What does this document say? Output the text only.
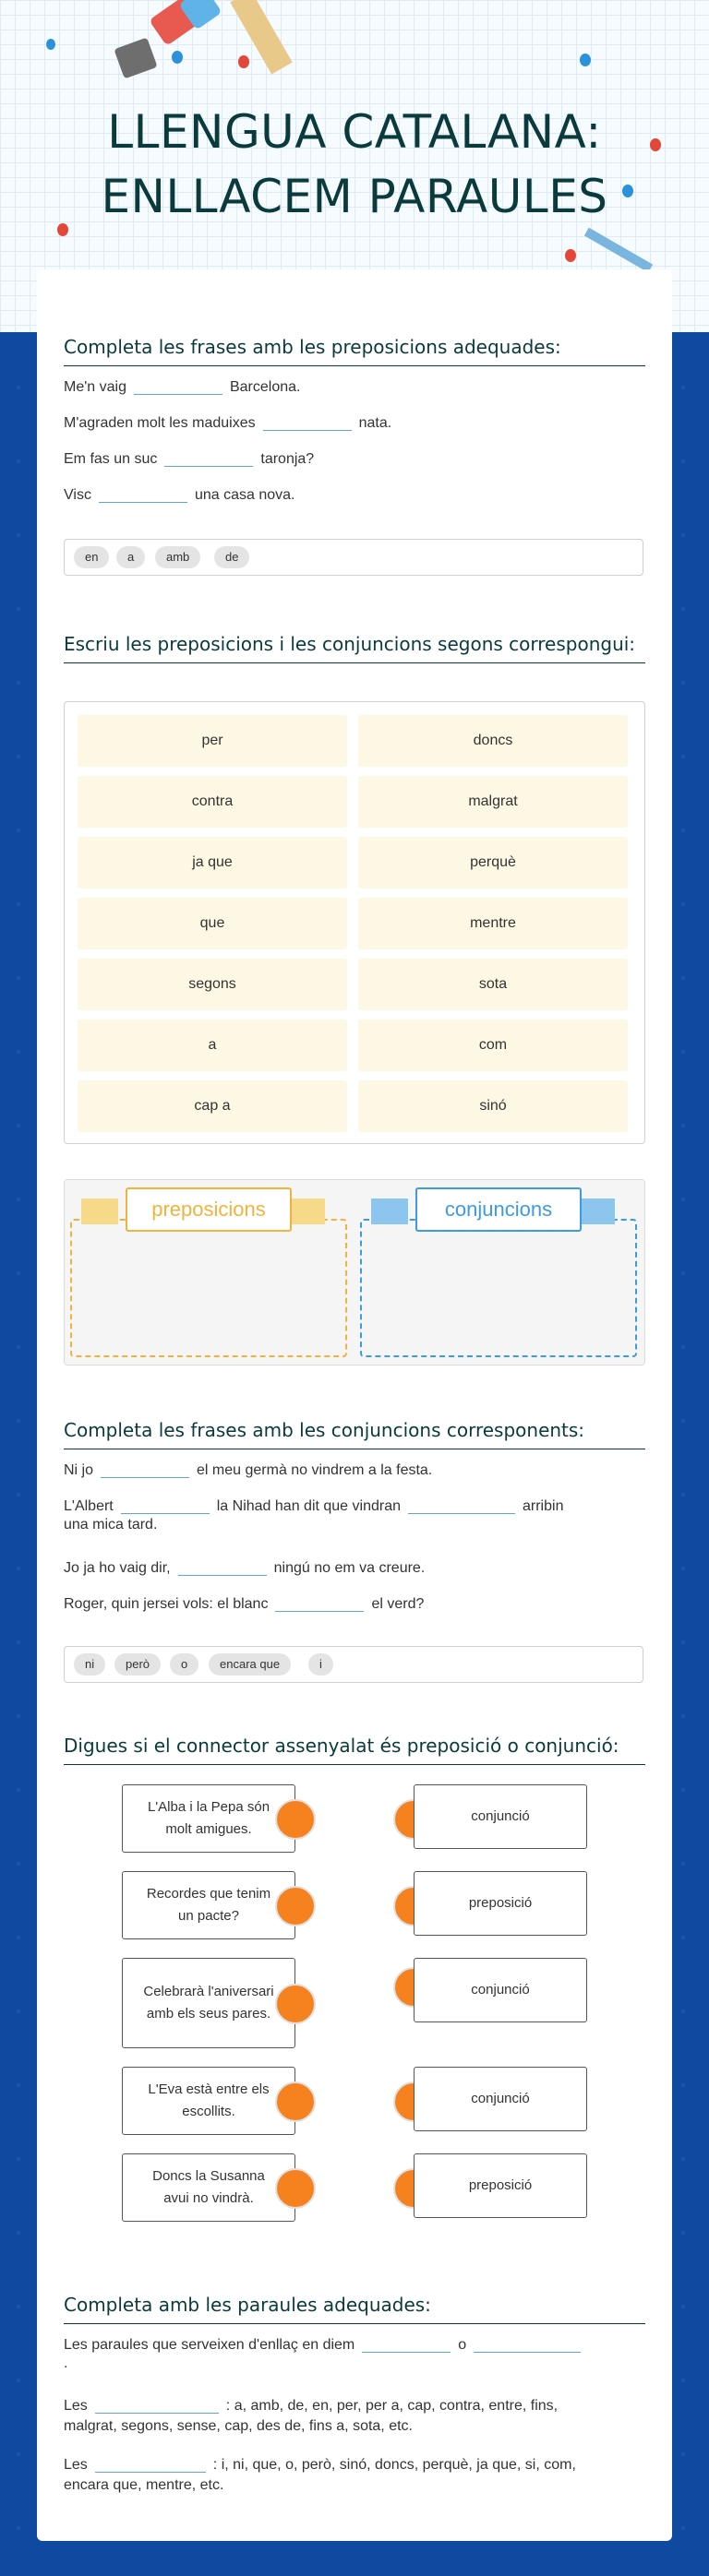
LLENGUA CATALANA:
ENLLACEM PARAULES
Completa les frases amb les preposicions adequades:
Me'n vaig	Barcelona.
M'agraden molt les maduixes	nata.
Em fas un suc	taronja?
Visc	una casa nova.
en	a	amb	de
Escriu les preposicions i les conjuncions segons correspongui:
per	doncs
contra	malgrat
ja que	perquè
que	mentre
segons	sota
a	com
cap a	sinó
preposicions	conjuncions
Completa les frases amb les conjuncions corresponents:
Ni jo	el meu germà no vindrem a la festa.
L'Albert	la Nihad han dit que vindran	arribin
una mica tard.
Jo ja ho vaig dir,	ningú no em va creure.
Roger, quin jersei vols: el blanc	el verd?
ni	però	o	encara que	i
Digues si el connector assenyalat és preposició o conjunció:
L'Alba i la Pepa són molt amigues.
conjunció
Recordes que tenim un pacte?
preposició
Celebrarà l'aniversari amb els seus pares.
conjunció
L'Eva està entre els escollits.
conjunció
Doncs la Susanna avui no vindrà.
preposició
Completa amb les paraules adequades:
Les paraules que serveixen d'enllaç en diem	o
.
Les	: a, amb, de, en, per, per a, cap, contra, entre, fins,
malgrat, segons, sense, cap, des de, fins a, sota, etc.
Les	: i, ni, que, o, però, sinó, doncs, perquè, ja que, si, com,
encara que, mentre, etc.
